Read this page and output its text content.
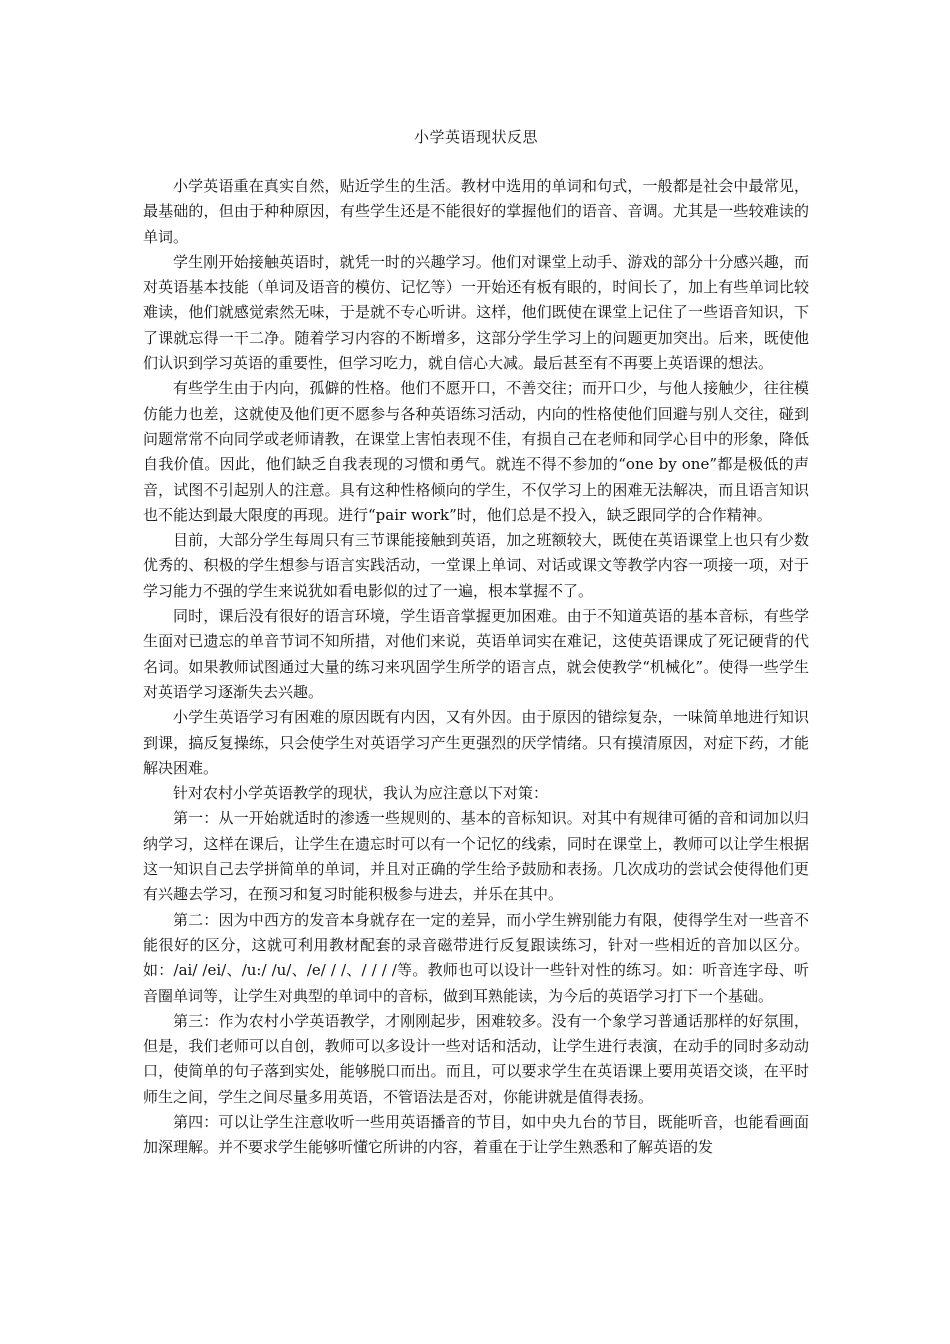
小学英语现状反思

小学英语重在真实自然，贴近学生的生活。教材中选用的单词和句式，一般都是社会中最常见，最基础的，但由于种种原因，有些学生还是不能很好的掌握他们的语音、音调。尤其是一些较难读的单词。

学生刚开始接触英语时，就凭一时的兴趣学习。他们对课堂上动手、游戏的部分十分感兴趣，而对英语基本技能（单词及语音的模仿、记忆等）一开始还有板有眼的，时间长了，加上有些单词比较难读，他们就感觉索然无味，于是就不专心听讲。这样，他们既使在课堂上记住了一些语音知识，下了课就忘得一干二净。随着学习内容的不断增多，这部分学生学习上的问题更加突出。后来，既使他们认识到学习英语的重要性，但学习吃力，就自信心大减。最后甚至有不再要上英语课的想法。

有些学生由于内向，孤僻的性格。他们不愿开口，不善交往；而开口少，与他人接触少，往往模仿能力也差，这就使及他们更不愿参与各种英语练习活动，内向的性格使他们回避与别人交往，碰到问题常常不向同学或老师请教，在课堂上害怕表现不佳，有损自己在老师和同学心目中的形象，降低自我价值。因此，他们缺乏自我表现的习惯和勇气。就连不得不参加的“one by one”都是极低的声音，试图不引起别人的注意。具有这种性格倾向的学生，不仅学习上的困难无法解决，而且语言知识也不能达到最大限度的再现。进行“pair work”时，他们总是不投入，缺乏跟同学的合作精神。

目前，大部分学生每周只有三节课能接触到英语，加之班额较大，既使在英语课堂上也只有少数优秀的、积极的学生想参与语言实践活动，一堂课上单词、对话或课文等教学内容一项接一项，对于学习能力不强的学生来说犹如看电影似的过了一遍，根本掌握不了。

同时，课后没有很好的语言环境，学生语音掌握更加困难。由于不知道英语的基本音标，有些学生面对已遗忘的单音节词不知所措，对他们来说，英语单词实在难记，这使英语课成了死记硬背的代名词。如果教师试图通过大量的练习来巩固学生所学的语言点，就会使教学“机械化”。使得一些学生对英语学习逐渐失去兴趣。

小学生英语学习有困难的原因既有内因，又有外因。由于原因的错综复杂，一味简单地进行知识到课，搞反复操练，只会使学生对英语学习产生更强烈的厌学情绪。只有摸清原因，对症下药，才能解决困难。

针对农村小学英语教学的现状，我认为应注意以下对策：

第一：从一开始就适时的渗透一些规则的、基本的音标知识。对其中有规律可循的音和词加以归纳学习，这样在课后，让学生在遗忘时可以有一个记忆的线索，同时在课堂上，教师可以让学生根据这一知识自己去学拼简单的单词，并且对正确的学生给予鼓励和表扬。几次成功的尝试会使得他们更有兴趣去学习，在预习和复习时能积极参与进去，并乐在其中。

第二：因为中西方的发音本身就存在一定的差异，而小学生辨别能力有限，使得学生对一些音不能很好的区分，这就可利用教材配套的录音磁带进行反复跟读练习，针对一些相近的音加以区分。如：/ai/ /ei/、/u:/ /u/、/e/ / /、/ / / /等。教师也可以设计一些针对性的练习。如：听音连字母、听音圈单词等，让学生对典型的单词中的音标，做到耳熟能读，为今后的英语学习打下一个基础。

第三：作为农村小学英语教学，才刚刚起步，困难较多。没有一个象学习普通话那样的好氛围，但是，我们老师可以自创，教师可以多设计一些对话和活动，让学生进行表演，在动手的同时多动动口，使简单的句子落到实处，能够脱口而出。而且，可以要求学生在英语课上要用英语交谈，在平时师生之间，学生之间尽量多用英语，不管语法是否对，你能讲就是值得表扬。

第四：可以让学生注意收听一些用英语播音的节目，如中央九台的节目，既能听音，也能看画面加深理解。并不要求学生能够听懂它所讲的内容，着重在于让学生熟悉和了解英语的发
